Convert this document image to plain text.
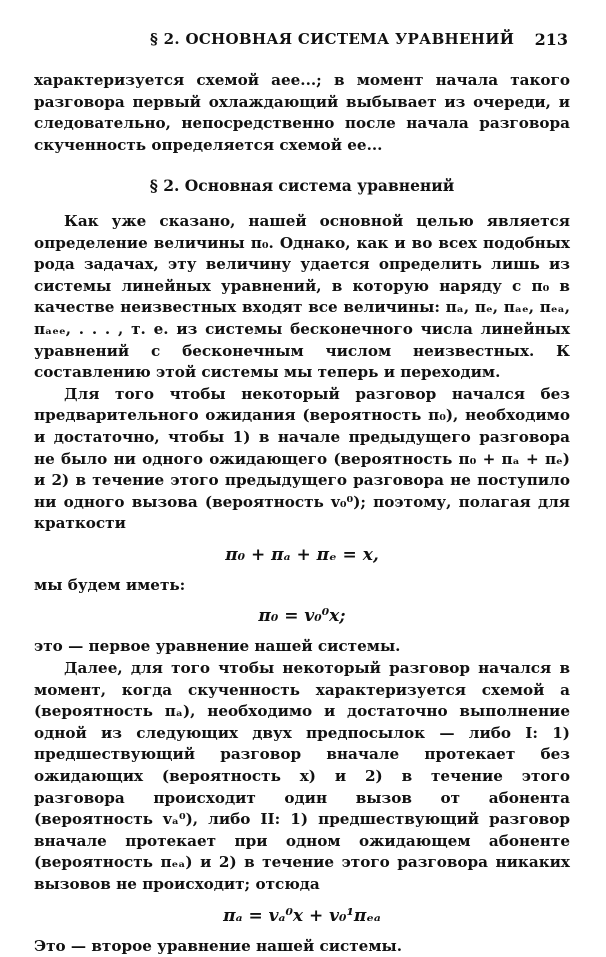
§ 2. ОСНОВНАЯ СИСТЕМА УРАВНЕНИЙ 213

характеризуется схемой aee...; в момент начала такого разговора первый охлаждающий выбывает из очереди, и следовательно, непосредственно после начала разговора скученность определяется схемой ee...

§ 2. Основная система уравнений

Как уже сказано, нашей основной целью является определение величины π₀. Однако, как и во всех подобных рода задачах, эту величину удается определить лишь из системы линейных уравнений, в которую наряду с π₀ в качестве неизвестных входят все величины: πₐ, πₑ, πₐₑ, πₑₐ, πₐₑₑ, . . . , т. е. из системы бесконечного числа линейных уравнений с бесконечным числом неизвестных. К составлению этой системы мы теперь и переходим.

Для того чтобы некоторый разговор начался без предварительного ожидания (вероятность π₀), необходимо и достаточно, чтобы 1) в начале предыдущего разговора не было ни одного ожидающего (вероятность π₀ + πₐ + πₑ) и 2) в течение этого предыдущего разговора не поступило ни одного вызова (вероятность v₀⁰); поэтому, полагая для краткости

π₀ + πₐ + πₑ = x,

мы будем иметь:

π₀ = v₀⁰x;

это — первое уравнение нашей системы.

Далее, для того чтобы некоторый разговор начался в момент, когда скученность характеризуется схемой a (вероятность πₐ), необходимо и достаточно выполнение одной из следующих двух предпосылок — либо I: 1) предшествующий разговор вначале протекает без ожидающих (вероятность x) и 2) в течение этого разговора происходит один вызов от абонента (вероятность vₐ⁰), либо II: 1) предшествующий разговор вначале протекает при одном ожидающем абоненте (вероятность πₑₐ) и 2) в течение этого разговора никаких вызовов не происходит; отсюда

πₐ = vₐ⁰x + v₀¹πₑₐ

Это — второе уравнение нашей системы.
